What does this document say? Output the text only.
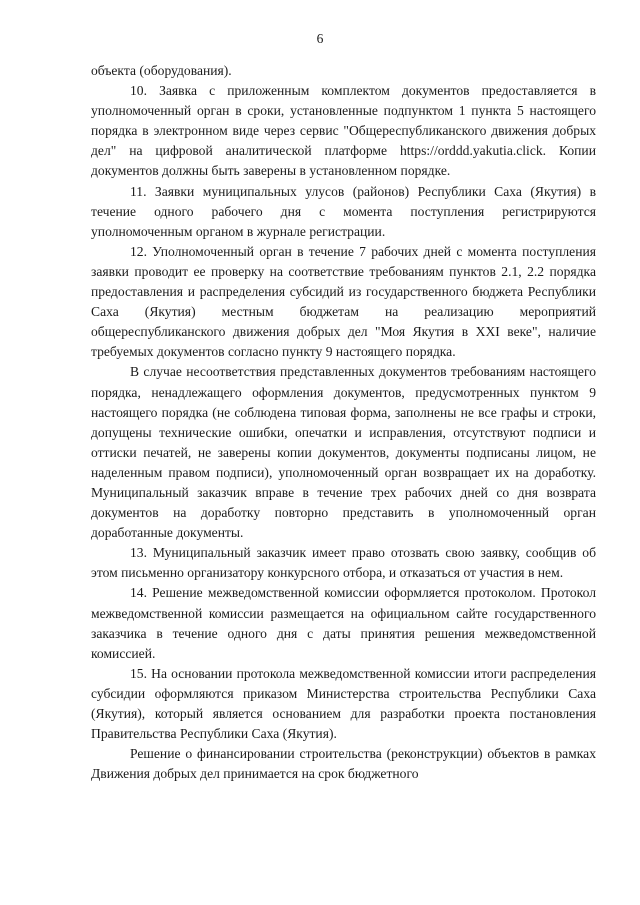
6

объекта (оборудования).

10. Заявка с приложенным комплектом документов предоставляется в уполномоченный орган в сроки, установленные подпунктом 1 пункта 5 настоящего порядка в электронном виде через сервис "Общереспубликанского движения добрых дел" на цифровой аналитической платформе https://orddd.yakutia.click. Копии документов должны быть заверены в установленном порядке.

11. Заявки муниципальных улусов (районов) Республики Саха (Якутия) в течение одного рабочего дня с момента поступления регистрируются уполномоченным органом в журнале регистрации.

12. Уполномоченный орган в течение 7 рабочих дней с момента поступления заявки проводит ее проверку на соответствие требованиям пунктов 2.1, 2.2 порядка предоставления и распределения субсидий из государственного бюджета Республики Саха (Якутия) местным бюджетам на реализацию мероприятий общереспубликанского движения добрых дел "Моя Якутия в XXI веке", наличие требуемых документов согласно пункту 9 настоящего порядка.

В случае несоответствия представленных документов требованиям настоящего порядка, ненадлежащего оформления документов, предусмотренных пунктом 9 настоящего порядка (не соблюдена типовая форма, заполнены не все графы и строки, допущены технические ошибки, опечатки и исправления, отсутствуют подписи и оттиски печатей, не заверены копии документов, документы подписаны лицом, не наделенным правом подписи), уполномоченный орган возвращает их на доработку. Муниципальный заказчик вправе в течение трех рабочих дней со дня возврата документов на доработку повторно представить в уполномоченный орган доработанные документы.

13. Муниципальный заказчик имеет право отозвать свою заявку, сообщив об этом письменно организатору конкурсного отбора, и отказаться от участия в нем.

14. Решение межведомственной комиссии оформляется протоколом. Протокол межведомственной комиссии размещается на официальном сайте государственного заказчика в течение одного дня с даты принятия решения межведомственной комиссией.

15. На основании протокола межведомственной комиссии итоги распределения субсидии оформляются приказом Министерства строительства Республики Саха (Якутия), который является основанием для разработки проекта постановления Правительства Республики Саха (Якутия).

Решение о финансировании строительства (реконструкции) объектов в рамках Движения добрых дел принимается на срок бюджетного
